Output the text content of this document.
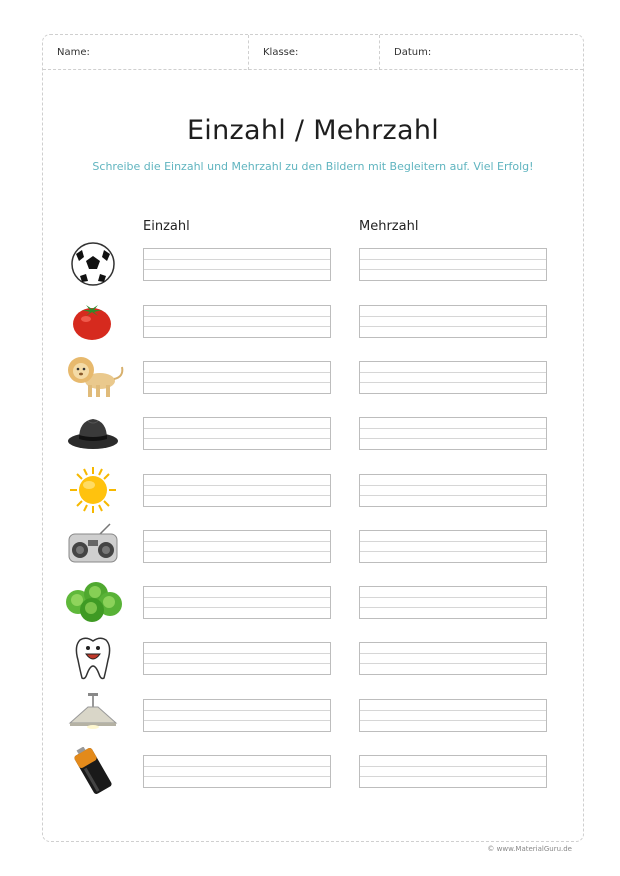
Name:	Klasse:	Datum:
Einzahl / Mehrzahl
Schreibe die Einzahl und Mehrzahl zu den Bildern mit Begleitern auf. Viel Erfolg!
Einzahl	Mehrzahl
© www.MaterialGuru.de
